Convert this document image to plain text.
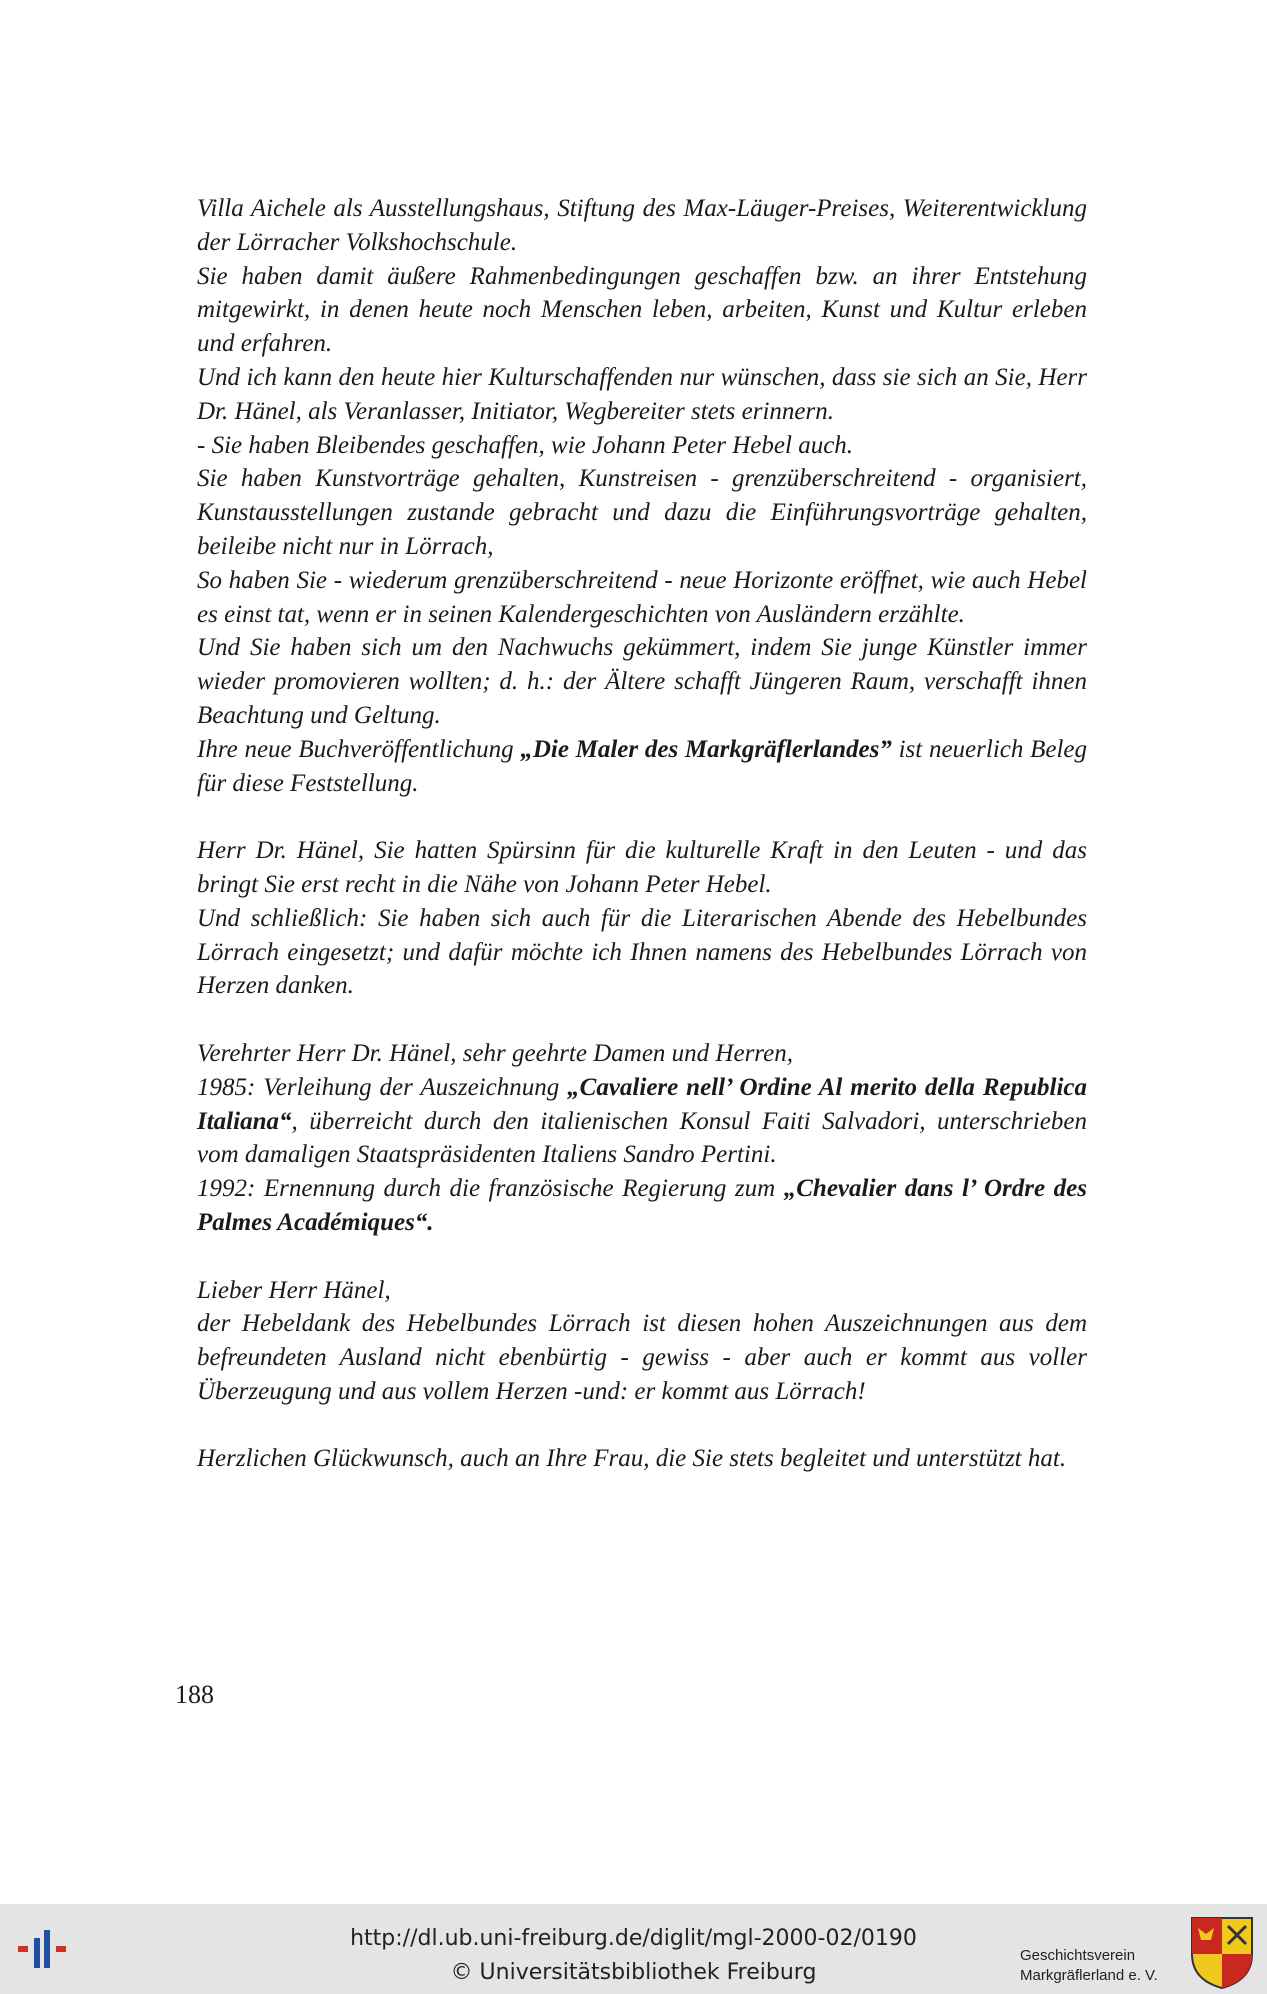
Villa Aichele als Ausstellungshaus, Stiftung des Max-Läuger-Preises, Weiterentwicklung der Lörracher Volkshochschule.

Sie haben damit äußere Rahmenbedingungen geschaffen bzw. an ihrer Entstehung mitgewirkt, in denen heute noch Menschen leben, arbeiten, Kunst und Kultur erleben und erfahren.

Und ich kann den heute hier Kulturschaffenden nur wünschen, dass sie sich an Sie, Herr Dr. Hänel, als Veranlasser, Initiator, Wegbereiter stets erinnern.

- Sie haben Bleibendes geschaffen, wie Johann Peter Hebel auch.

Sie haben Kunstvorträge gehalten, Kunstreisen - grenzüberschreitend - organisiert, Kunstausstellungen zustande gebracht und dazu die Einführungsvorträge gehalten, beileibe nicht nur in Lörrach,

So haben Sie - wiederum grenzüberschreitend - neue Horizonte eröffnet, wie auch Hebel es einst tat, wenn er in seinen Kalendergeschichten von Ausländern erzählte.

Und Sie haben sich um den Nachwuchs gekümmert, indem Sie junge Künstler immer wieder promovieren wollten; d. h.: der Ältere schafft Jüngeren Raum, verschafft ihnen Beachtung und Geltung.

Ihre neue Buchveröffentlichung „Die Maler des Markgräflerlandes” ist neuerlich Beleg für diese Feststellung.

Herr Dr. Hänel, Sie hatten Spürsinn für die kulturelle Kraft in den Leuten - und das bringt Sie erst recht in die Nähe von Johann Peter Hebel.

Und schließlich: Sie haben sich auch für die Literarischen Abende des Hebelbundes Lörrach eingesetzt; und dafür möchte ich Ihnen namens des Hebelbundes Lörrach von Herzen danken.

Verehrter Herr Dr. Hänel, sehr geehrte Damen und Herren,

1985: Verleihung der Auszeichnung „Cavaliere nell’ Ordine Al merito della Republica Italiana“, überreicht durch den italienischen Konsul Faiti Salvadori, unterschrieben vom damaligen Staatspräsidenten Italiens Sandro Pertini.

1992: Ernennung durch die französische Regierung zum „Chevalier dans l’ Ordre des Palmes Académiques“.

Lieber Herr Hänel,

der Hebeldank des Hebelbundes Lörrach ist diesen hohen Auszeichnungen aus dem befreundeten Ausland nicht ebenbürtig - gewiss - aber auch er kommt aus voller Überzeugung und aus vollem Herzen -und: er kommt aus Lörrach!

Herzlichen Glückwunsch, auch an Ihre Frau, die Sie stets begleitet und unterstützt hat.

188
http://dl.ub.uni-freiburg.de/diglit/mgl-2000-02/0190
© Universitätsbibliothek Freiburg
Geschichtsverein
Markgräflerland e. V.
